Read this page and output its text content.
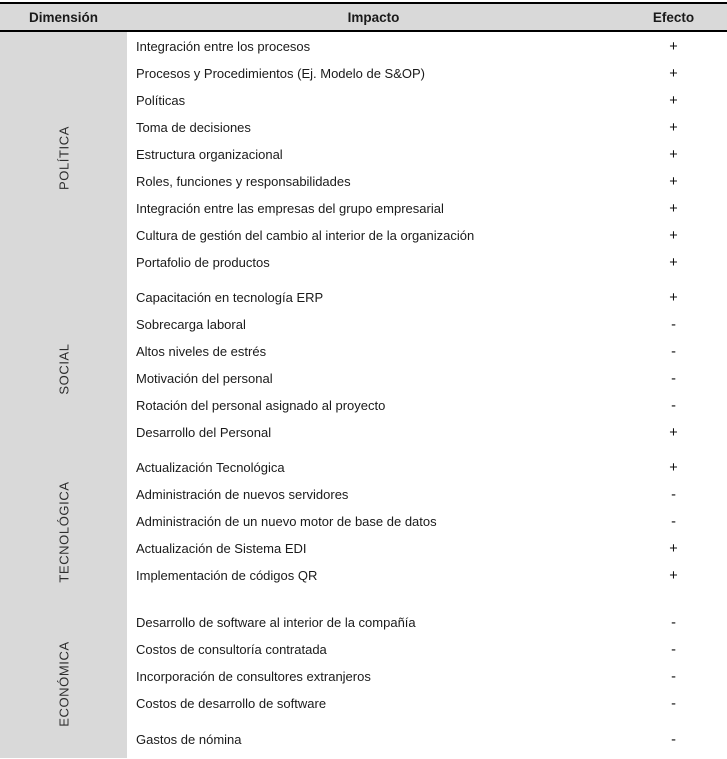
Dimensión	Impacto	Efecto
POLÍTICA
Integración entre los procesos	+
Procesos y Procedimientos (Ej. Modelo de S&OP)	+
Políticas	+
Toma de decisiones	+
Estructura organizacional	+
Roles, funciones y responsabilidades	+
Integración entre las empresas del grupo empresarial	+
Cultura de gestión del cambio al interior de la organización	+
Portafolio de productos	+
SOCIAL
Capacitación en tecnología ERP	+
Sobrecarga laboral	-
Altos niveles de estrés	-
Motivación del personal	-
Rotación del personal asignado al proyecto	-
Desarrollo del Personal	+
TECNOLÓGICA
Actualización Tecnológica	+
Administración de nuevos servidores	-
Administración de un nuevo motor de base de datos	-
Actualización de Sistema EDI	+
Implementación de códigos QR	+
ECONÓMICA
Desarrollo de software al interior de la compañía	-
Costos de consultoría contratada	-
Incorporación de consultores extranjeros	-
Costos de desarrollo de software	-
Gastos de nómina	-
